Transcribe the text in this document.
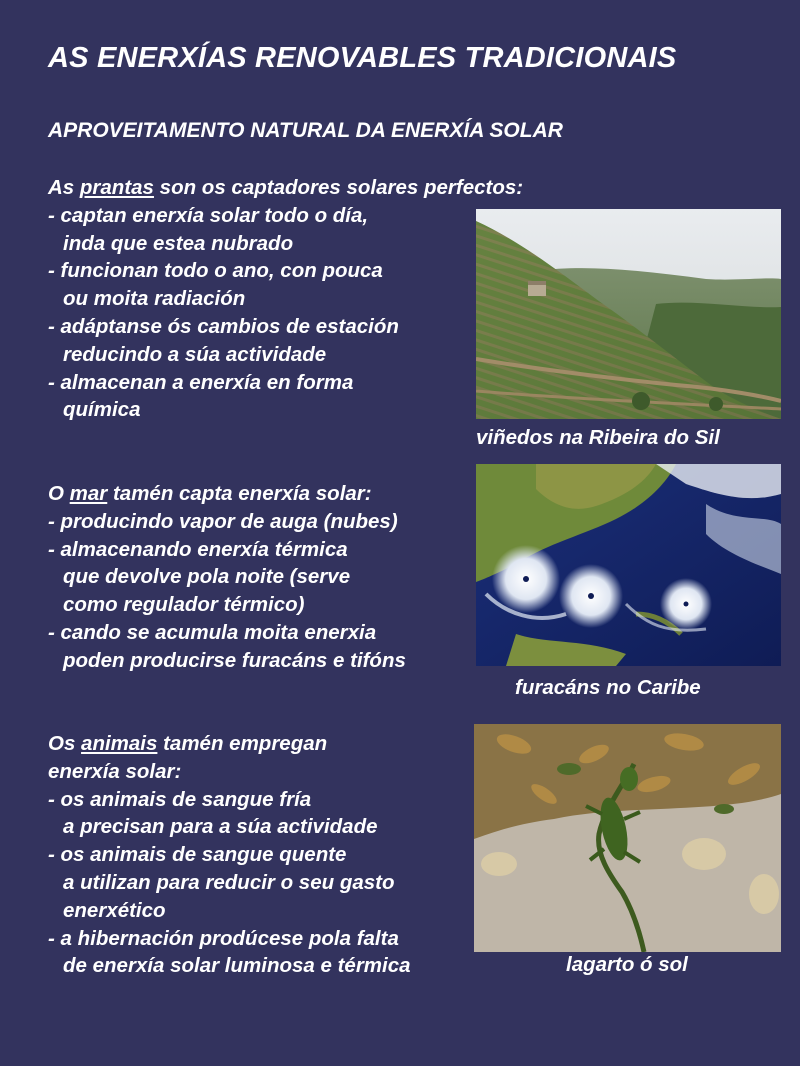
AS ENERXÍAS RENOVABLES TRADICIONAIS
APROVEITAMENTO NATURAL DA ENERXÍA SOLAR
As prantas son os captadores solares perfectos:
- captan enerxía solar todo o día,
inda que estea nubrado
- funcionan todo o ano, con pouca
ou moita radiación
- adáptanse ós cambios de estación
reducindo a súa actividade
- almacenan a enerxía en forma
química
viñedos na Ribeira do Sil
O mar tamén capta enerxía solar:
- producindo vapor de auga (nubes)
- almacenando enerxía térmica
que devolve pola noite (serve
como regulador térmico)
- cando se acumula moita enerxia
poden producirse furacáns e tifóns
furacáns no Caribe
Os animais tamén empregan
enerxía solar:
- os animais de sangue fría
a precisan para a súa actividade
- os animais de sangue quente
a utilizan para reducir o seu gasto
enerxético
- a hibernación prodúcese pola falta
de enerxía solar luminosa e térmica	lagarto ó sol
